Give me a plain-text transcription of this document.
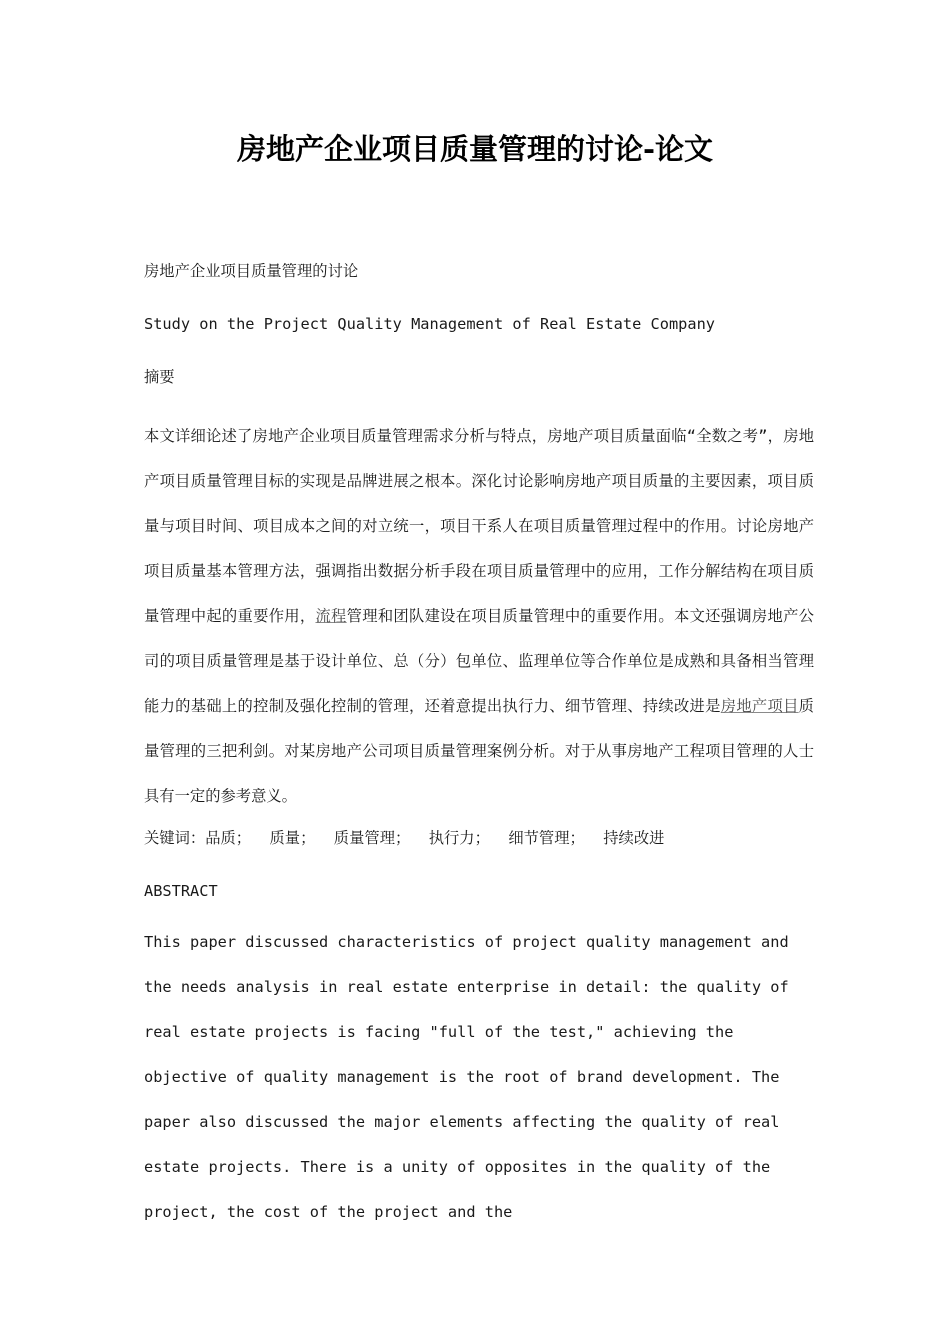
房地产企业项目质量管理的讨论-论文

房地产企业项目质量管理的讨论

Study on the Project Quality Management of Real Estate Company

摘要

本文详细论述了房地产企业项目质量管理需求分析与特点，房地产项目质量面临“全数之考”，房地产项目质量管理目标的实现是品牌进展之根本。深化讨论影响房地产项目质量的主要因素，项目质量与项目时间、项目成本之间的对立统一，项目干系人在项目质量管理过程中的作用。讨论房地产项目质量基本管理方法，强调指出数据分析手段在项目质量管理中的应用，工作分解结构在项目质量管理中起的重要作用，流程管理和团队建设在项目质量管理中的重要作用。本文还强调房地产公司的项目质量管理是基于设计单位、总（分）包单位、监理单位等合作单位是成熟和具备相当管理能力的基础上的控制及强化控制的管理，还着意提出执行力、细节管理、持续改进是房地产项目质量管理的三把利剑。对某房地产公司项目质量管理案例分析。对于从事房地产工程项目管理的人士具有一定的参考意义。

关键词：品质；  质量；  质量管理；  执行力；  细节管理；  持续改进

ABSTRACT

This paper discussed characteristics of project quality management and the needs analysis in real estate enterprise in detail: the quality of real estate projects is facing "full of the test," achieving the objective of quality management is the root of brand development. The paper also discussed the major elements affecting the quality of real estate projects. There is a unity of opposites in the quality of the project, the cost of the project and the
